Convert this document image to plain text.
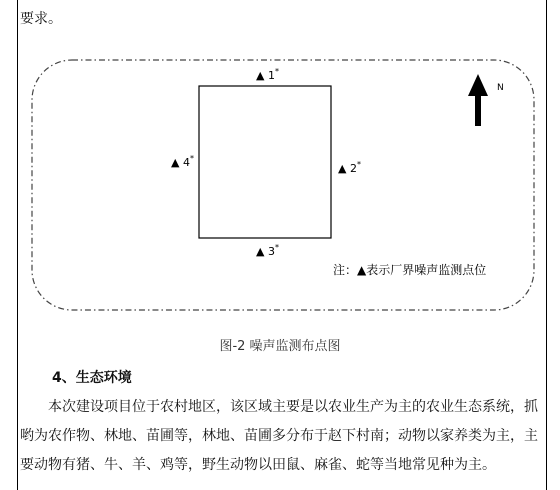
要求。
N
▲ 1 *
▲ 2 *
▲ 3 *
▲ 4 *
注：▲表示厂界噪声监测点位
图-2 噪声监测布点图
4、生态环境
本次建设项目位于农村地区，该区域主要是以农业生产为主的农业生态系统，抓哟为农作物、林地、苗圃等，林地、苗圃多分布于赵下村南；动物以家养类为主，主要动物有猪、牛、羊、鸡等，野生动物以田鼠、麻雀、蛇等当地常见种为主。
